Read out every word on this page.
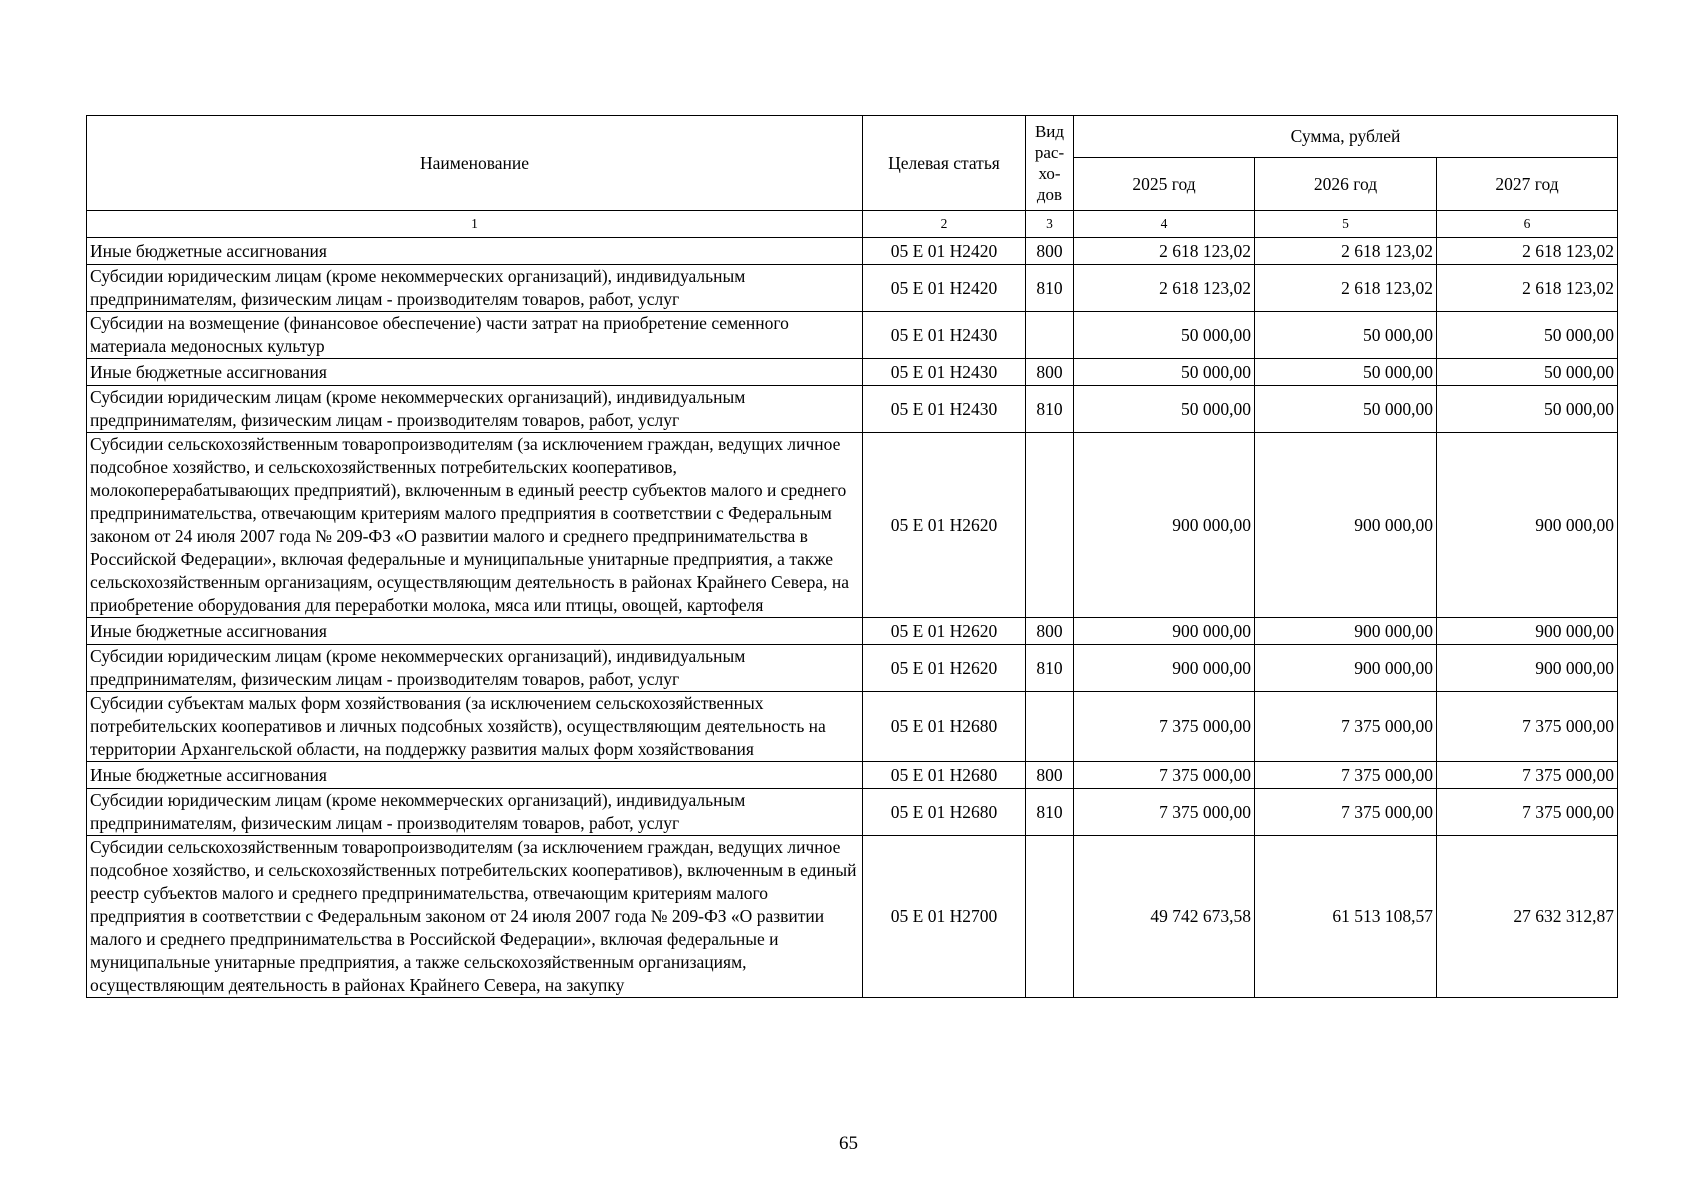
Наименование	Целевая статья	Вид рас-хо-дов	Сумма, рублей		
			2025 год	2026 год	2027 год
1	2	3	4	5	6
Иные бюджетные ассигнования	05 Е 01 Н2420	800	2 618 123,02	2 618 123,02	2 618 123,02
Субсидии юридическим лицам (кроме некоммерческих организаций), индивидуальным предпринимателям, физическим лицам - производителям товаров, работ, услуг	05 Е 01 Н2420	810	2 618 123,02	2 618 123,02	2 618 123,02
Субсидии на возмещение (финансовое обеспечение) части затрат на приобретение семенного материала медоносных культур	05 Е 01 Н2430		50 000,00	50 000,00	50 000,00
Иные бюджетные ассигнования	05 Е 01 Н2430	800	50 000,00	50 000,00	50 000,00
Субсидии юридическим лицам (кроме некоммерческих организаций), индивидуальным предпринимателям, физическим лицам - производителям товаров, работ, услуг	05 Е 01 Н2430	810	50 000,00	50 000,00	50 000,00
Субсидии сельскохозяйственным товаропроизводителям (за исключением граждан, ведущих личное подсобное хозяйство, и сельскохозяйственных потребительских кооперативов, молокоперерабатывающих предприятий), включенным в единый реестр субъектов малого и среднего предпринимательства, отвечающим критериям малого предприятия в соответствии с Федеральным законом от 24 июля 2007 года № 209-ФЗ «О развитии малого и среднего предпринимательства в Российской Федерации», включая федеральные и муниципальные унитарные предприятия, а также сельскохозяйственным организациям, осуществляющим деятельность в районах Крайнего Севера, на приобретение оборудования для переработки молока, мяса или птицы, овощей, картофеля	05 Е 01 Н2620		900 000,00	900 000,00	900 000,00
Иные бюджетные ассигнования	05 Е 01 Н2620	800	900 000,00	900 000,00	900 000,00
Субсидии юридическим лицам (кроме некоммерческих организаций), индивидуальным предпринимателям, физическим лицам - производителям товаров, работ, услуг	05 Е 01 Н2620	810	900 000,00	900 000,00	900 000,00
Субсидии субъектам малых форм хозяйствования (за исключением сельскохозяйственных потребительских кооперативов и личных подсобных хозяйств), осуществляющим деятельность на территории Архангельской области, на поддержку развития малых форм хозяйствования	05 Е 01 Н2680		7 375 000,00	7 375 000,00	7 375 000,00
Иные бюджетные ассигнования	05 Е 01 Н2680	800	7 375 000,00	7 375 000,00	7 375 000,00
Субсидии юридическим лицам (кроме некоммерческих организаций), индивидуальным предпринимателям, физическим лицам - производителям товаров, работ, услуг	05 Е 01 Н2680	810	7 375 000,00	7 375 000,00	7 375 000,00
Субсидии сельскохозяйственным товаропроизводителям (за исключением граждан, ведущих личное подсобное хозяйство, и сельскохозяйственных потребительских кооперативов), включенным в единый реестр субъектов малого и среднего предпринимательства, отвечающим критериям малого предприятия в соответствии с Федеральным законом от 24 июля 2007 года № 209-ФЗ «О развитии малого и среднего предпринимательства в Российской Федерации», включая федеральные и муниципальные унитарные предприятия, а также сельскохозяйственным организациям, осуществляющим деятельность в районах Крайнего Севера, на закупку	05 Е 01 Н2700		49 742 673,58	61 513 108,57	27 632 312,87
65
